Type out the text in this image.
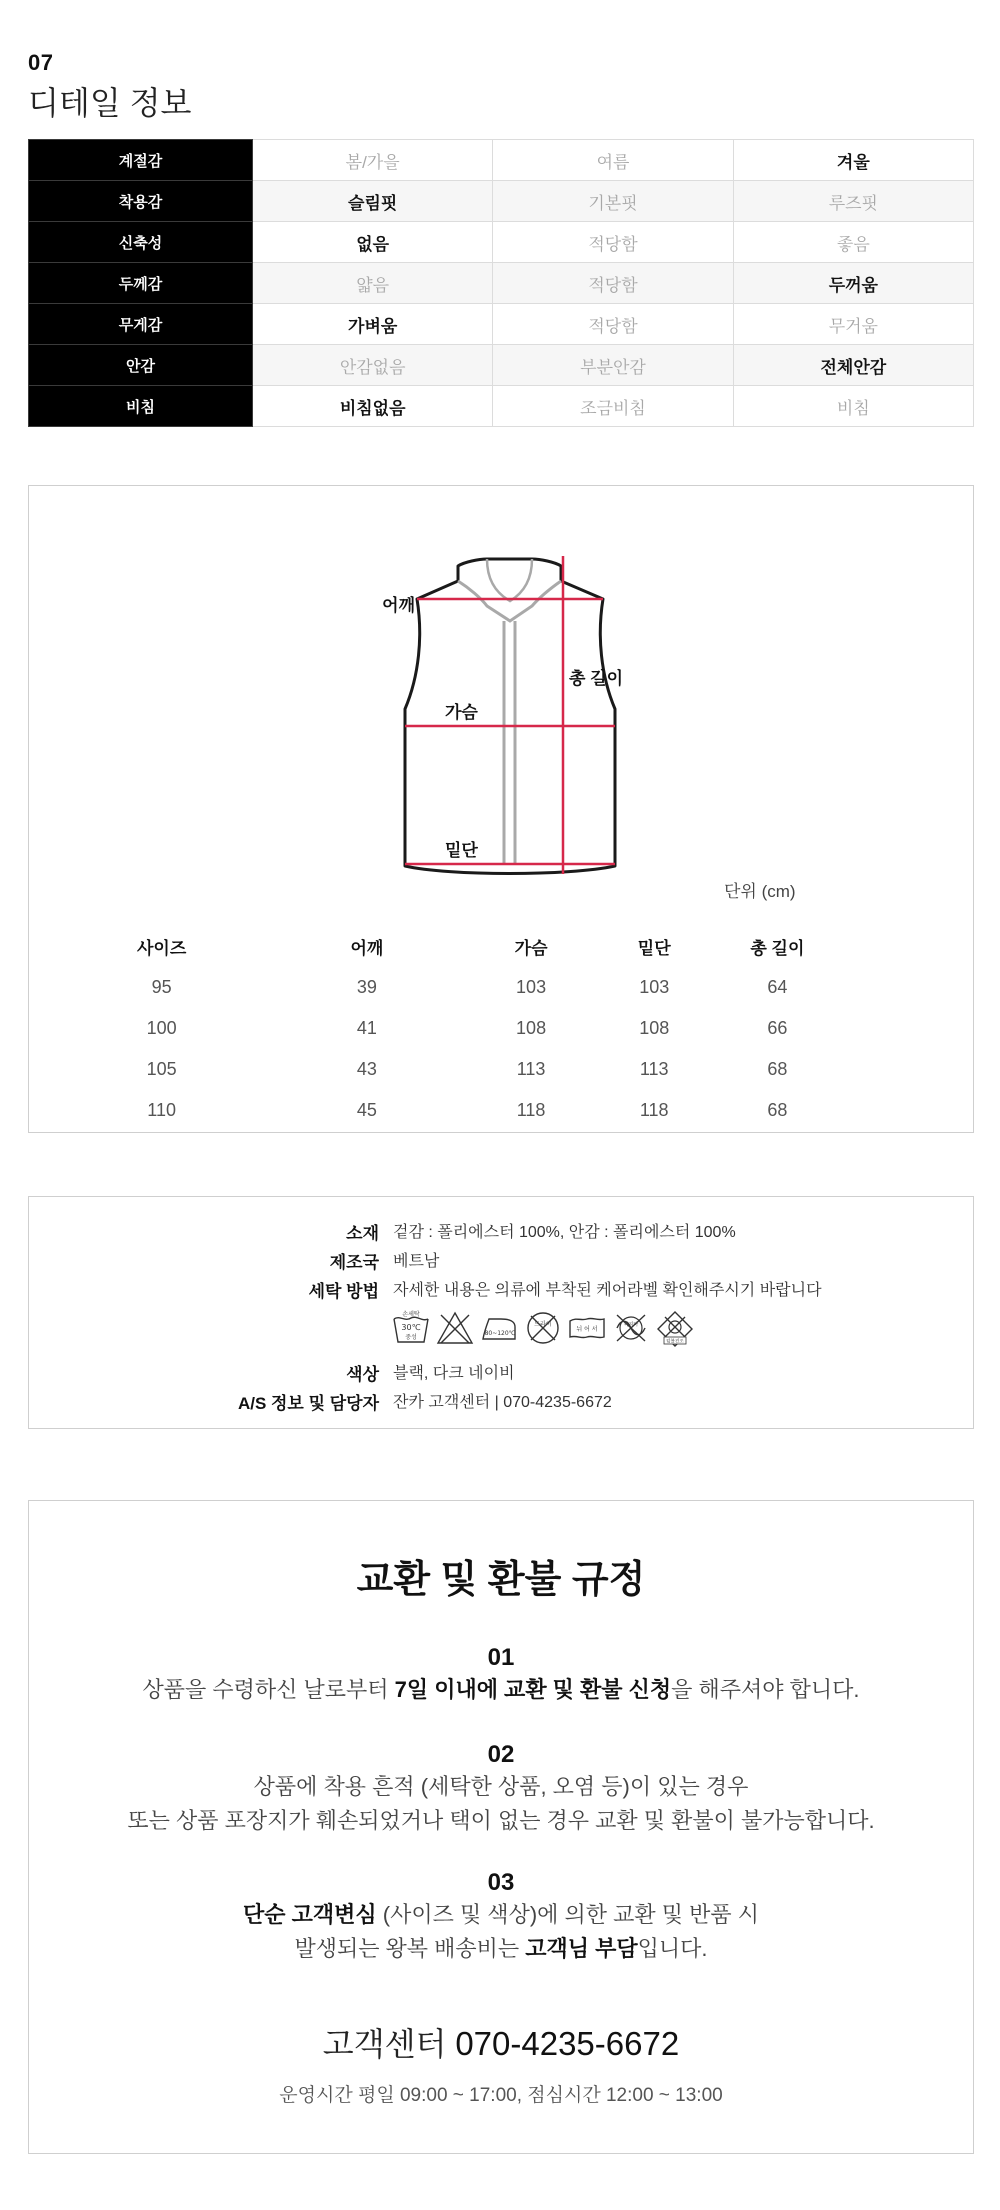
07
디테일 정보
계절감	봄/가을	여름	겨울
착용감	슬림핏	기본핏	루즈핏
신축성	없음	적당함	좋음
두께감	얇음	적당함	두꺼움
무게감	가벼움	적당함	무거움
안감	안감없음	부분안감	전체안감
비침	비침없음	조금비침	비침
어깨
총 길이
가슴
밑단
단위 (cm)
사이즈	어깨	가슴	밑단	총 길이
95	39	103	103	64
100	41	108	108	66
105	43	113	113	68
110	45	118	118	68
소재 겉감 : 폴리에스터 100%, 안감 : 폴리에스터 100%
제조국 베트남
세탁 방법 자세한 내용은 의류에 부착된 케어라벨 확인해주시기 바랍니다
손세탁
30℃
중성
80~120℃
드라이
뉘 어 서
짜지마
텀블건조
색상 블랙, 다크 네이비
A/S 정보 및 담당자 잔카 고객센터 | 070-4235-6672
교환 및 환불 규정
01
상품을 수령하신 날로부터 7일 이내에 교환 및 환불 신청을 해주셔야 합니다.
02
상품에 착용 흔적 (세탁한 상품, 오염 등)이 있는 경우
또는 상품 포장지가 훼손되었거나 택이 없는 경우 교환 및 환불이 불가능합니다.
03
단순 고객변심 (사이즈 및 색상)에 의한 교환 및 반품 시
발생되는 왕복 배송비는 고객님 부담입니다.
고객센터 070-4235-6672
운영시간 평일 09:00 ~ 17:00, 점심시간 12:00 ~ 13:00
